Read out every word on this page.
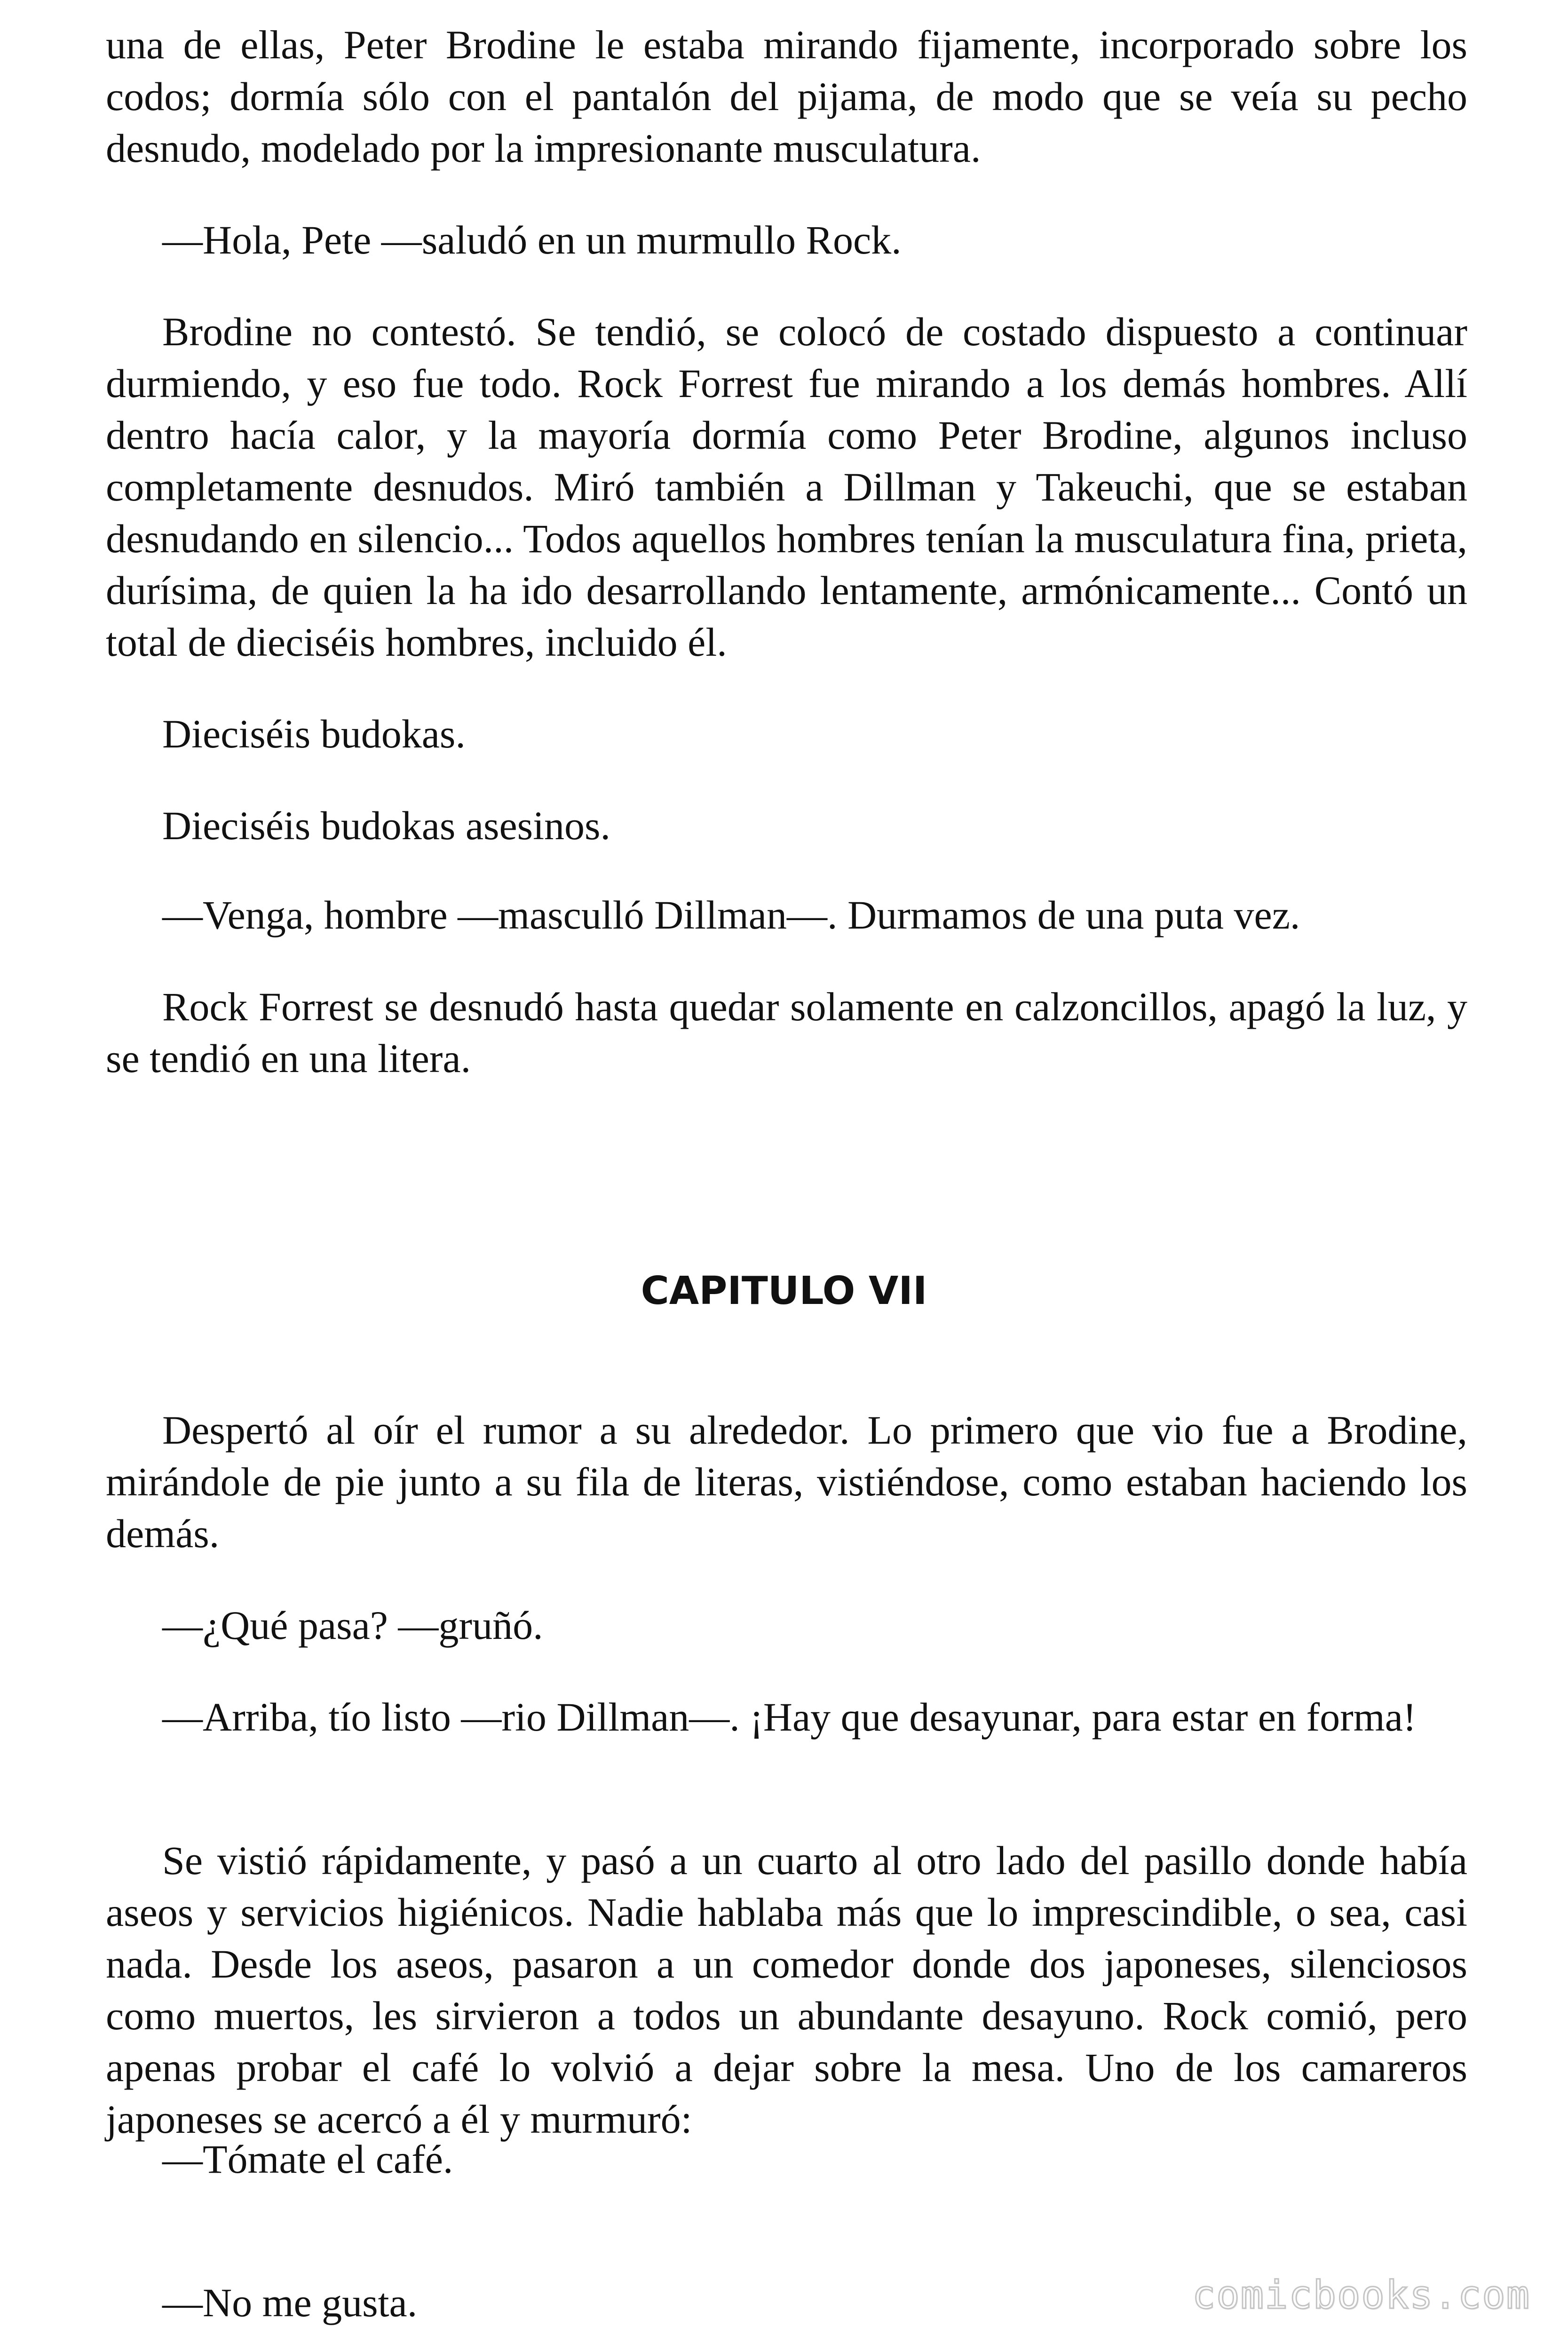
una de ellas, Peter Brodine le estaba mirando fijamente, incorporado sobre los codos; dormía sólo con el pantalón del pijama, de modo que se veía su pecho desnudo, modelado por la impresionante musculatura.

—Hola, Pete —saludó en un murmullo Rock.

Brodine no contestó. Se tendió, se colocó de costado dispuesto a continuar durmiendo, y eso fue todo. Rock Forrest fue mirando a los demás hombres. Allí dentro hacía calor, y la mayoría dormía como Peter Brodine, algunos incluso completamente desnudos. Miró también a Dillman y Takeuchi, que se estaban desnudando en silencio... Todos aquellos hombres tenían la musculatura fina, prieta, durísima, de quien la ha ido desarrollando lentamente, armónicamente... Contó un total de dieciséis hombres, incluido él.

Dieciséis budokas.

Dieciséis budokas asesinos.

—Venga, hombre —masculló Dillman—. Durmamos de una puta vez.

Rock Forrest se desnudó hasta quedar solamente en calzoncillos, apagó la luz, y se tendió en una litera.

CAPITULO VII

Despertó al oír el rumor a su alrededor. Lo primero que vio fue a Brodine, mirándole de pie junto a su fila de literas, vistiéndose, como estaban haciendo los demás.

—¿Qué pasa? —gruñó.

—Arriba, tío listo —rio Dillman—. ¡Hay que desayunar, para estar en forma!

Se vistió rápidamente, y pasó a un cuarto al otro lado del pasillo donde había aseos y servicios higiénicos. Nadie hablaba más que lo imprescindible, o sea, casi nada. Desde los aseos, pasaron a un comedor donde dos japoneses, silenciosos como muertos, les sirvieron a todos un abundante desayuno. Rock comió, pero apenas probar el café lo volvió a dejar sobre la mesa. Uno de los camareros japoneses se acercó a él y murmuró:

—Tómate el café.

—No me gusta.	comicbooks.com
